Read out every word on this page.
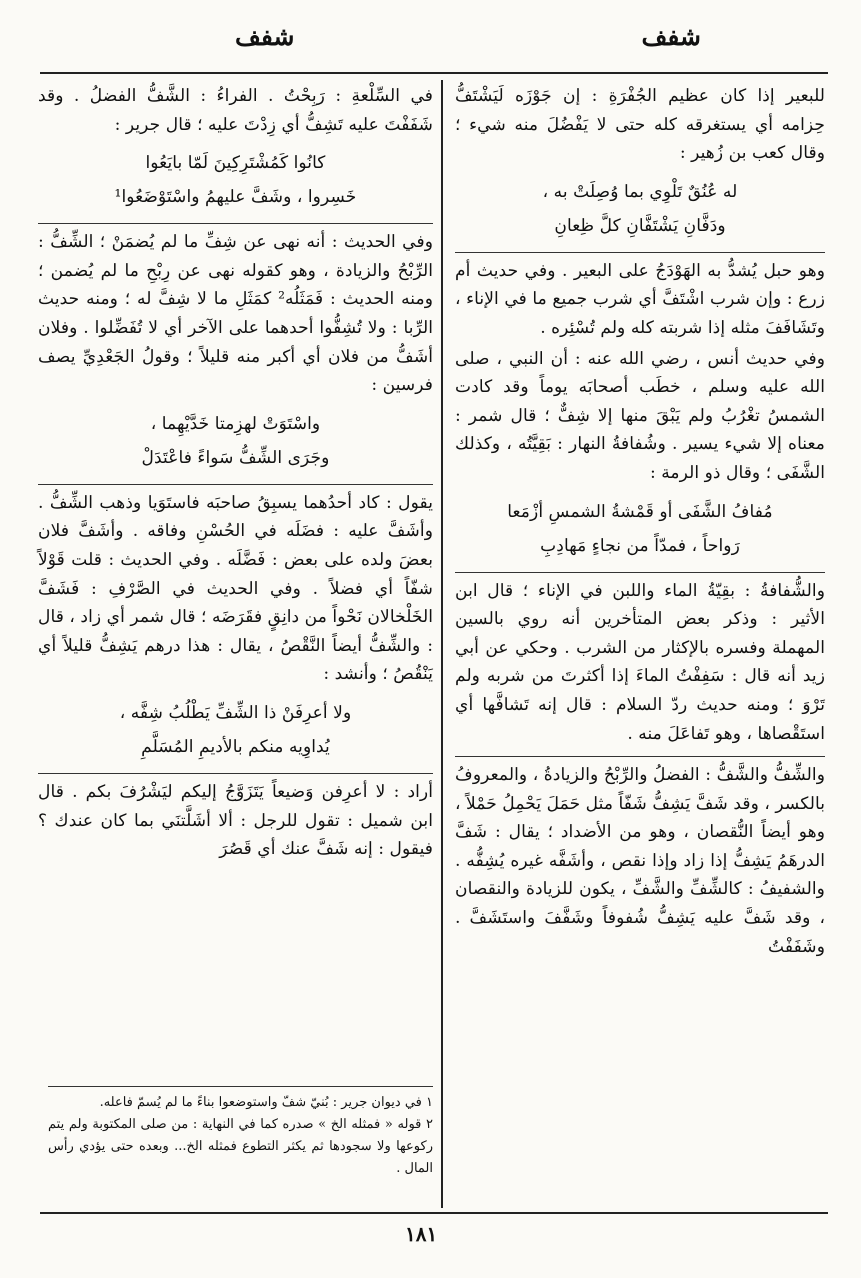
شفف
شفف

للبعير إذا كان عظيم الجُفْرَةِ : إن جَوْزَه لَيَشْتَفُّ حِزامه أي يستغرقه كله حتى لا يَفْضُلَ منه شيء ؛ وقال كعب بن زُهير :

له عُنُقٌ تَلْوِي بما وُصِلَتْ به ،
ودَفَّانِ يَشْتَفَّانِ كلَّ ظِعانِ

وهو حبل يُشدُّ به الهَوْدَجُ على البعير . وفي حديث أم زرع : وإن شرب اشْتَفَّ أي شرب جميع ما في الإناء ، وتَشَافَفَ مثله إذا شربته كله ولم تُسْئِره .

وفي حديث أنس ، رضي الله عنه : أن النبي ، صلى الله عليه وسلم ، خطَب أصحابَه يوماً وقد كادت الشمسُ تغْرُبُ ولم يَبْقَ منها إلا شِفٌّ ؛ قال شمر : معناه إلا شيء يسير . وشُفافةُ النهار : بَقِيَّتُه ، وكذلك الشَّفَى ؛ وقال ذو الرمة :

مُفافُ الشَّفَى أو قَمْشةُ الشمسِ أزْمَعا
رَواحاً ، فمدّاً من نجاءٍ مَهادِبِ

والشُّفافةُ : بقِيّةُ الماء واللبن في الإناء ؛ قال ابن الأثير : وذكر بعض المتأخرين أنه روي بالسين المهملة وفسره بالإكثار من الشرب . وحكي عن أبي زيد أنه قال : سَفِفْتُ الماءَ إذا أكثرتَ من شربه ولم تَرْوَ ؛ ومنه حديث ردّ السلام : قال إنه تَشافَّها أي استَقْصاها ، وهو تَفاعَلَ منه .

والشِّفُّ والشَّفُّ : الفضلُ والرِّبْحُ والزيادةُ ، والمعروفُ بالكسر ، وقد شَفَّ يَشِفُّ شَفّاً مثل حَمَلَ يَحْمِلُ حَمْلاً ، وهو أيضاً النُّقصان ، وهو من الأضداد ؛ يقال : شَفَّ الدرهَمُ يَشِفُّ إذا زاد وإذا نقص ، وأشَفَّه غيره يُشِفُّه . والشفيفُ : كالشِّفِّ والشَّفِّ ، يكون للزيادة والنقصان ، وقد شَفَّ عليه يَشِفُّ شُفوفاً وشَفَّفَ واستَشَفَّ . وشَفَفْتُ

في السِّلْعةِ : رَبِحْتُ . الفراءُ : الشَّفُّ الفضلُ . وقد شَفَفْتَ عليه تَشِفُّ أي زِدْتَ عليه ؛ قال جرير :

كانُوا كَمُشْتَرِكِينَ لَمّا بايَعُوا
خَسِروا ، وشَفَّ عليهمُ واسْتَوْضَعُوا¹

وفي الحديث : أنه نهى عن شِفِّ ما لم يُضمَنْ ؛ الشِّفُّ : الرِّبْحُ والزيادة ، وهو كقوله نهى عن رِبْحِ ما لم يُضمن ؛ ومنه الحديث : فَمَثَلُه² كمَثَلِ ما لا شِفَّ له ؛ ومنه حديث الرِّبا : ولا تُشِفُّوا أحدهما على الآخر أي لا تُفَضِّلوا . وفلان أشَفُّ من فلان أي أكبر منه قليلاً ؛ وقولُ الجَعْدِيِّ يصف فرسين :

واسْتَوَتْ لهزِمتا خَدَّيْهِما ،
وجَرَى الشِّفُّ سَواءً فاعْتَدَلْ

يقول : كاد أحدُهما يسبِقُ صاحبَه فاستَوَيا وذهب الشِّفُّ . وأشَفَّ عليه : فضَلَه في الحُسْنِ وفاقه . وأشَفَّ فلان بعضَ ولده على بعض : فَضَّلَه . وفي الحديث : قلت قَوْلاً شفّاً أي فضلاً . وفي الحديث في الصَّرْفِ : فَشَفَّ الخَلْخالان نَحْواً من دانِقٍ فقَرَضَه ؛ قال شمر أي زاد ، قال : والشِّفُّ أيضاً النَّقْصُ ، يقال : هذا درهم يَشِفُّ قليلاً أي يَنْقُصُ ؛ وأنشد :

ولا أعرِفَنْ ذا الشِّفِّ يَطْلُبُ شِفَّه ،
يُداوِيه منكم بالأديمِ المُسَلَّمِ

أراد : لا أعرِفن وَضيعاً يَتَزَوَّجُ إليكم ليَشْرُفَ بكم . قال ابن شميل : تقول للرجل : ألا أشَلَّتنَي بما كان عندك ؟ فيقول : إنه شَفَّ عنك أي قَصُرَ

١ في ديوان جرير : بُنيّ شفّ واستوضعوا بناءً ما لم يُسمّ فاعله.

٢ قوله « فمثله الخ » صدره كما في النهاية : من صلى المكتوبة ولم يتم ركوعها ولا سجودها ثم يكثر التطوع فمثله الخ... وبعده حتى يؤدي رأس المال .

١٨١
